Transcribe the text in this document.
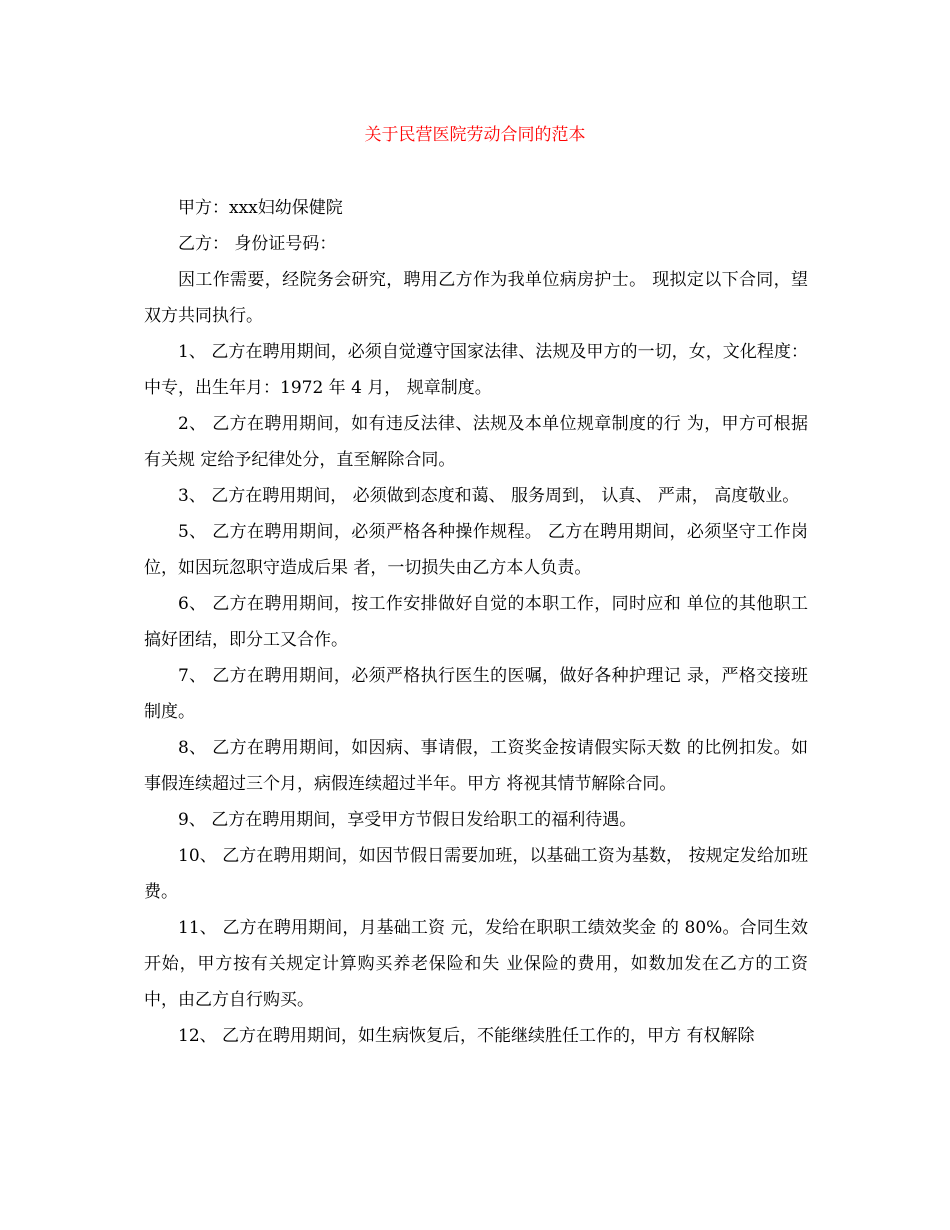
关于民营医院劳动合同的范本

甲方：xxx妇幼保健院

乙方： 身份证号码：

因工作需要，经院务会研究，聘用乙方作为我单位病房护士。 现拟定以下合同，望双方共同执行。

1、 乙方在聘用期间，必须自觉遵守国家法律、法规及甲方的一切，女，文化程度：中专，出生年月：1972 年 4 月， 规章制度。

2、 乙方在聘用期间，如有违反法律、法规及本单位规章制度的行 为，甲方可根据有关规 定给予纪律处分，直至解除合同。

3、 乙方在聘用期间， 必须做到态度和蔼、 服务周到， 认真、 严肃， 高度敬业。

5、 乙方在聘用期间，必须严格各种操作规程。 乙方在聘用期间，必须坚守工作岗位，如因玩忽职守造成后果 者，一切损失由乙方本人负责。

6、 乙方在聘用期间，按工作安排做好自觉的本职工作，同时应和 单位的其他职工搞好团结，即分工又合作。

7、 乙方在聘用期间，必须严格执行医生的医嘱，做好各种护理记 录，严格交接班制度。

8、 乙方在聘用期间，如因病、事请假，工资奖金按请假实际天数 的比例扣发。如事假连续超过三个月，病假连续超过半年。甲方 将视其情节解除合同。

9、 乙方在聘用期间，享受甲方节假日发给职工的福利待遇。

10、 乙方在聘用期间，如因节假日需要加班，以基础工资为基数， 按规定发给加班费。

11、 乙方在聘用期间，月基础工资 元，发给在职职工绩效奖金 的 80%。合同生效开始，甲方按有关规定计算购买养老保险和失 业保险的费用，如数加发在乙方的工资中，由乙方自行购买。

12、 乙方在聘用期间，如生病恢复后，不能继续胜任工作的，甲方 有权解除
